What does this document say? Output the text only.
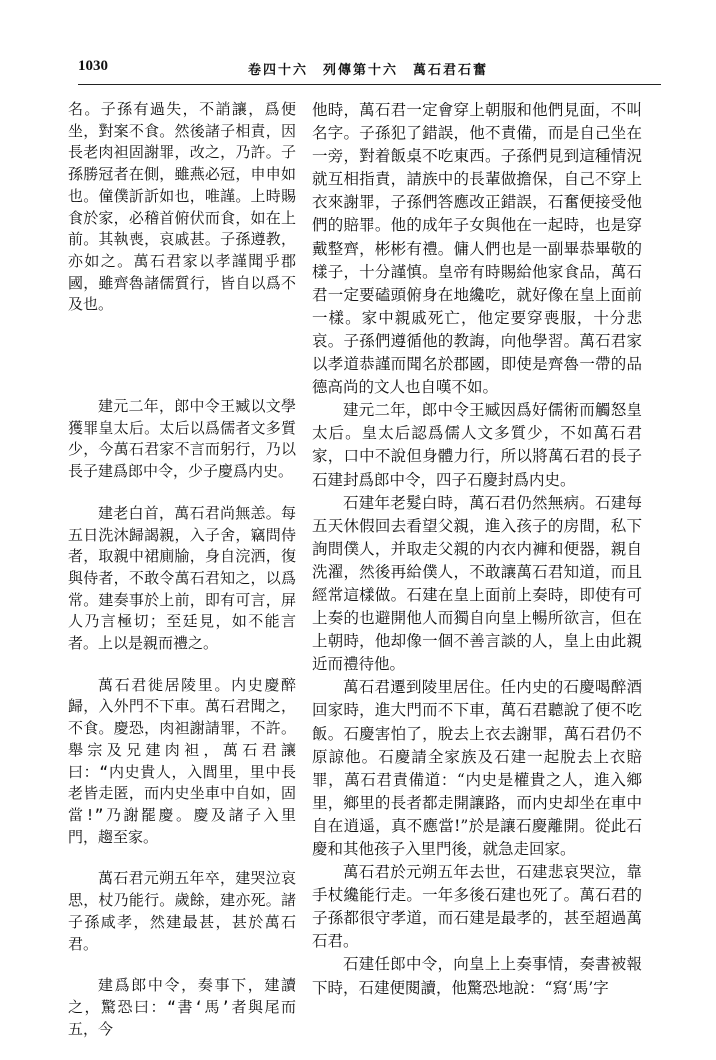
1030	卷四十六　列傳第十六　萬石君石奮

名。子孫有過失，不誚讓，爲便坐，對案不食。然後諸子相責，因長老肉袒固謝罪，改之，乃許。子孫勝冠者在側，雖燕必冠，申申如也。僮僕訢訢如也，唯謹。上時賜食於家，必稽首俯伏而食，如在上前。其執喪，哀戚甚。子孫遵教，亦如之。萬石君家以孝謹聞乎郡國，雖齊魯諸儒質行，皆自以爲不及也。

建元二年，郎中令王臧以文學獲罪皇太后。太后以爲儒者文多質少，今萬石君家不言而躬行，乃以長子建爲郎中令，少子慶爲内史。

建老白首，萬石君尚無恙。每五日洗沐歸謁親，入子舍，竊問侍者，取親中裙廁牏，身自浣洒，復與侍者，不敢令萬石君知之，以爲常。建奏事於上前，即有可言，屏人乃言極切；至廷見，如不能言者。上以是親而禮之。

萬石君徙居陵里。内史慶醉歸，入外門不下車。萬石君聞之，不食。慶恐，肉袒謝請罪，不許。舉宗及兄建肉袒，萬石君讓曰：“内史貴人，入閭里，里中長老皆走匿，而内史坐車中自如，固當!”乃謝罷慶。慶及諸子入里門，趨至家。

萬石君元朔五年卒，建哭泣哀思，杖乃能行。歲餘，建亦死。諸子孫咸孝，然建最甚，甚於萬石君。

建爲郎中令，奏事下，建讀之，驚恐曰：“書‘馬’者與尾而五，今

他時，萬石君一定會穿上朝服和他們見面，不叫名字。子孫犯了錯誤，他不責備，而是自己坐在一旁，對着飯桌不吃東西。子孫們見到這種情況就互相指責，請族中的長輩做擔保，自己不穿上衣來謝罪，子孫們答應改正錯誤，石奮便接受他們的賠罪。他的成年子女與他在一起時，也是穿戴整齊，彬彬有禮。傭人們也是一副畢恭畢敬的樣子，十分謹慎。皇帝有時賜給他家食品，萬石君一定要磕頭俯身在地纔吃，就好像在皇上面前一樣。家中親戚死亡，他定要穿喪服，十分悲哀。子孫們遵循他的教誨，向他學習。萬石君家以孝道恭謹而聞名於郡國，即使是齊魯一帶的品德高尚的文人也自嘆不如。

建元二年，郎中令王臧因爲好儒術而觸怒皇太后。皇太后認爲儒人文多質少，不如萬石君家，口中不說但身體力行，所以將萬石君的長子石建封爲郎中令，四子石慶封爲内史。

石建年老髮白時，萬石君仍然無病。石建每五天休假回去看望父親，進入孩子的房間，私下詢問僕人，并取走父親的内衣内褲和便器，親自洗濯，然後再給僕人，不敢讓萬石君知道，而且經常這樣做。石建在皇上面前上奏時，即使有可上奏的也避開他人而獨自向皇上暢所欲言，但在上朝時，他却像一個不善言談的人，皇上由此親近而禮待他。

萬石君遷到陵里居住。任内史的石慶喝醉酒回家時，進大門而不下車，萬石君聽說了便不吃飯。石慶害怕了，脫去上衣去謝罪，萬石君仍不原諒他。石慶請全家族及石建一起脫去上衣賠罪，萬石君責備道：“内史是權貴之人，進入鄉里，鄉里的長者都走開讓路，而内史却坐在車中自在逍遥，真不應當!”於是讓石慶離開。從此石慶和其他孩子入里門後，就急走回家。

萬石君於元朔五年去世，石建悲哀哭泣，靠手杖纔能行走。一年多後石建也死了。萬石君的子孫都很守孝道，而石建是最孝的，甚至超過萬石君。

石建任郎中令，向皇上上奏事情，奏書被報下時，石建便閱讀，他驚恐地說：“寫‘馬’字
